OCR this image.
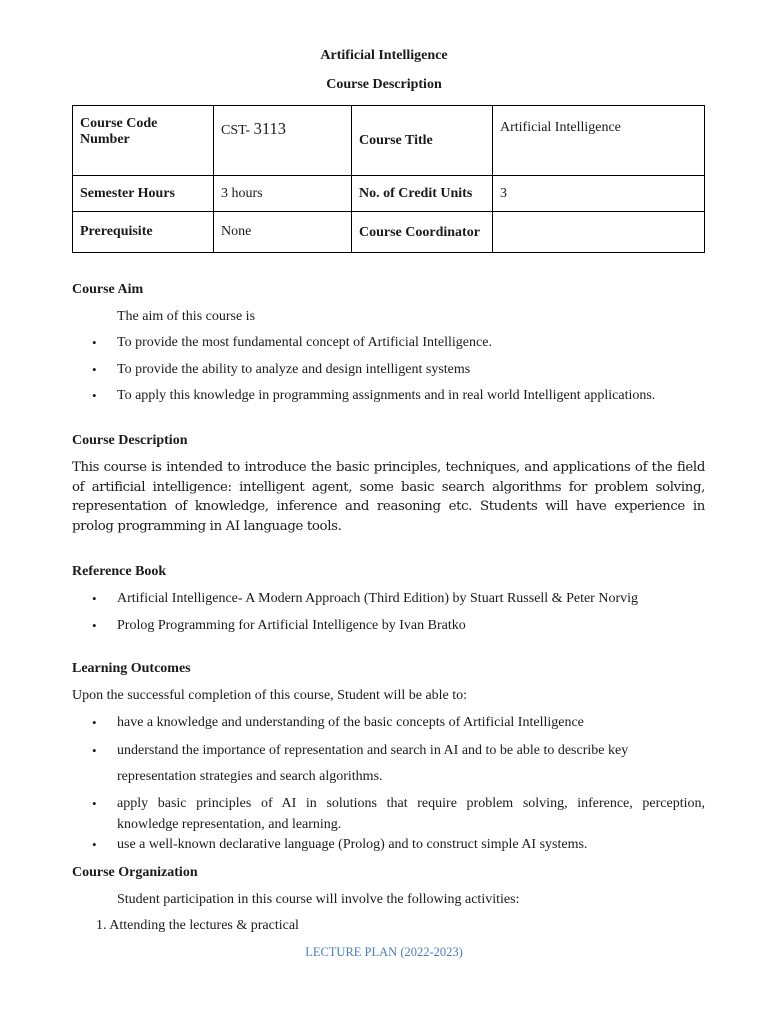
Artificial Intelligence
Course Description
Course Code Number	CST- 3113	Course Title	Artificial Intelligence
Semester Hours	3 hours	No. of Credit Units	3
Prerequisite	None	Course Coordinator	
Course Aim
The aim of this course is
• To provide the most fundamental concept of Artificial Intelligence.
• To provide the ability to analyze and design intelligent systems
• To apply this knowledge in programming assignments and in real world Intelligent applications.
Course Description
This course is intended to introduce the basic principles, techniques, and applications of the field of artificial intelligence: intelligent agent, some basic search algorithms for problem solving, representation of knowledge, inference and reasoning etc. Students will have experience in prolog programming in AI language tools.
Reference Book
• Artificial Intelligence- A Modern Approach (Third Edition) by Stuart Russell & Peter Norvig
• Prolog Programming for Artificial Intelligence by Ivan Bratko
Learning Outcomes
Upon the successful completion of this course, Student will be able to:
• have a knowledge and understanding of the basic concepts of Artificial Intelligence
• understand the importance of representation and search in AI and to be able to describe key
representation strategies and search algorithms.
• apply basic principles of AI in solutions that require problem solving, inference, perception,
knowledge representation, and learning.
• use a well-known declarative language (Prolog) and to construct simple AI systems.
Course Organization
Student participation in this course will involve the following activities:
1. Attending the lectures & practical
LECTURE PLAN (2022-2023)
